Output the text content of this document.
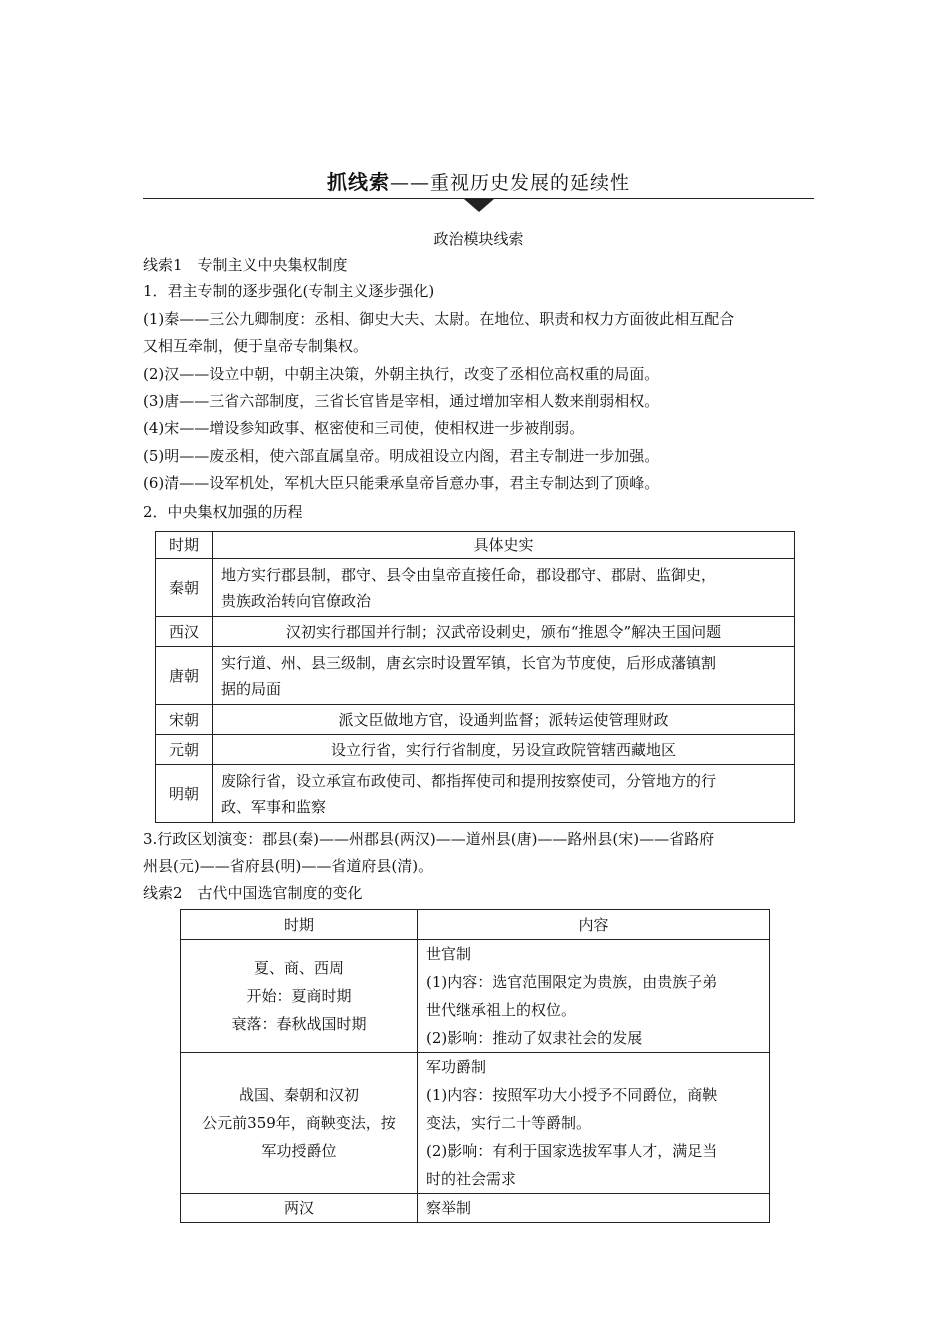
抓线索——重视历史发展的延续性
政治模块线索
线索1　专制主义中央集权制度
1．君主专制的逐步强化(专制主义逐步强化)
(1)秦——三公九卿制度：丞相、御史大夫、太尉。在地位、职责和权力方面彼此相互配合
又相互牵制，便于皇帝专制集权。
(2)汉——设立中朝，中朝主决策，外朝主执行，改变了丞相位高权重的局面。
(3)唐——三省六部制度，三省长官皆是宰相，通过增加宰相人数来削弱相权。
(4)宋——增设参知政事、枢密使和三司使，使相权进一步被削弱。
(5)明——废丞相，使六部直属皇帝。明成祖设立内阁，君主专制进一步加强。
(6)清——设军机处，军机大臣只能秉承皇帝旨意办事，君主专制达到了顶峰。
2．中央集权加强的历程
时期	具体史实
秦朝	地方实行郡县制，郡守、县令由皇帝直接任命，郡设郡守、郡尉、监御史，
贵族政治转向官僚政治

西汉	汉初实行郡国并行制；汉武帝设刺史，颁布“推恩令”解决王国问题

唐朝	实行道、州、县三级制，唐玄宗时设置军镇，长官为节度使，后形成藩镇割
据的局面

宋朝	派文臣做地方官，设通判监督；派转运使管理财政

元朝	设立行省，实行行省制度，另设宣政院管辖西藏地区

明朝	废除行省，设立承宣布政使司、都指挥使司和提刑按察使司，分管地方的行
政、军事和监察
3.行政区划演变：郡县(秦)——州郡县(两汉)——道州县(唐)——路州县(宋)——省路府
州县(元)——省府县(明)——省道府县(清)。
线索2　古代中国选官制度的变化
时期	内容

夏、商、西周
开始：夏商时期
衰落：春秋战国时期	世官制
(1)内容：选官范围限定为贵族，由贵族子弟
世代继承祖上的权位。
(2)影响：推动了奴隶社会的发展

战国、秦朝和汉初
公元前359年，商鞅变法，按
军功授爵位	军功爵制
(1)内容：按照军功大小授予不同爵位，商鞅
变法，实行二十等爵制。
(2)影响：有利于国家选拔军事人才，满足当
时的社会需求

两汉	察举制
